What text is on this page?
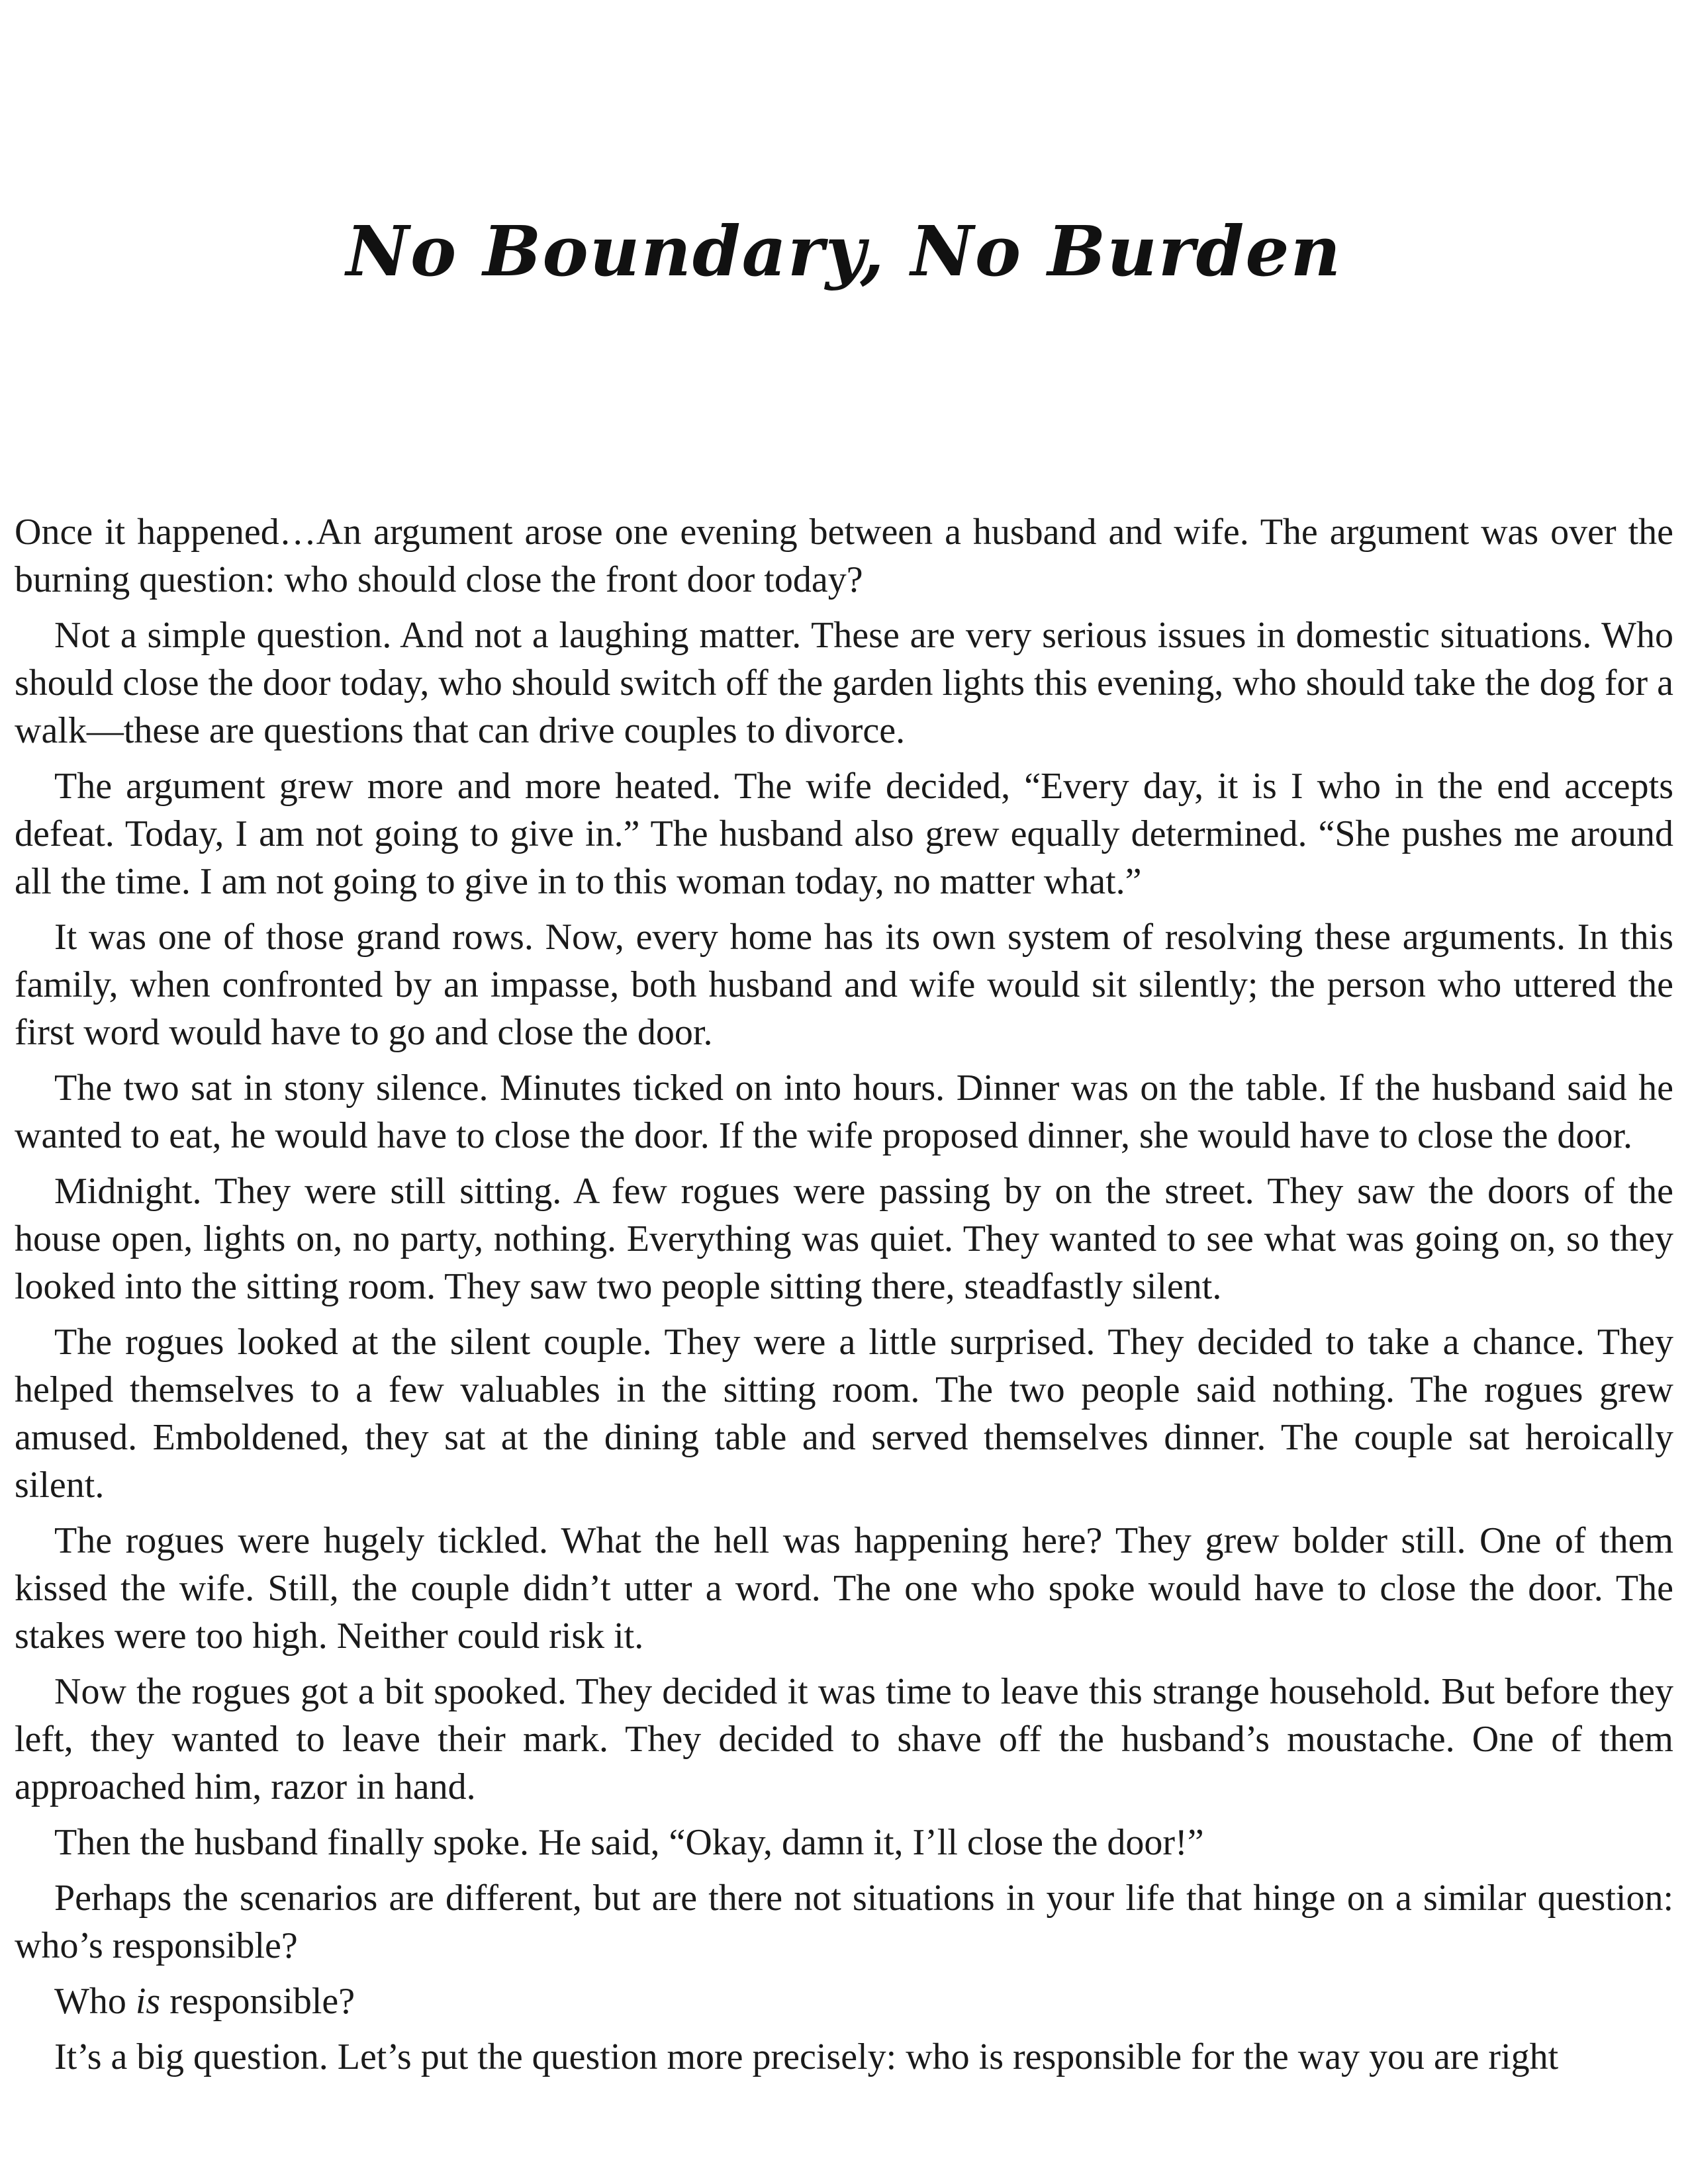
No Boundary, No Burden

Once it happened…An argument arose one evening between a husband and wife. The argument was over the burning question: who should close the front door today?

Not a simple question. And not a laughing matter. These are very serious issues in domestic situations. Who should close the door today, who should switch off the garden lights this evening, who should take the dog for a walk—these are questions that can drive couples to divorce.

The argument grew more and more heated. The wife decided, “Every day, it is I who in the end accepts defeat. Today, I am not going to give in.” The husband also grew equally determined. “She pushes me around all the time. I am not going to give in to this woman today, no matter what.”

It was one of those grand rows. Now, every home has its own system of resolving these arguments. In this family, when confronted by an impasse, both husband and wife would sit silently; the person who uttered the first word would have to go and close the door.

The two sat in stony silence. Minutes ticked on into hours. Dinner was on the table. If the husband said he wanted to eat, he would have to close the door. If the wife proposed dinner, she would have to close the door.

Midnight. They were still sitting. A few rogues were passing by on the street. They saw the doors of the house open, lights on, no party, nothing. Everything was quiet. They wanted to see what was going on, so they looked into the sitting room. They saw two people sitting there, steadfastly silent.

The rogues looked at the silent couple. They were a little surprised. They decided to take a chance. They helped themselves to a few valuables in the sitting room. The two people said nothing. The rogues grew amused. Emboldened, they sat at the dining table and served themselves dinner. The couple sat heroically silent.

The rogues were hugely tickled. What the hell was happening here? They grew bolder still. One of them kissed the wife. Still, the couple didn’t utter a word. The one who spoke would have to close the door. The stakes were too high. Neither could risk it.

Now the rogues got a bit spooked. They decided it was time to leave this strange household. But before they left, they wanted to leave their mark. They decided to shave off the husband’s moustache. One of them approached him, razor in hand.

Then the husband finally spoke. He said, “Okay, damn it, I’ll close the door!”

Perhaps the scenarios are different, but are there not situations in your life that hinge on a similar question: who’s responsible?

Who is responsible?

It’s a big question. Let’s put the question more precisely: who is responsible for the way you are right
